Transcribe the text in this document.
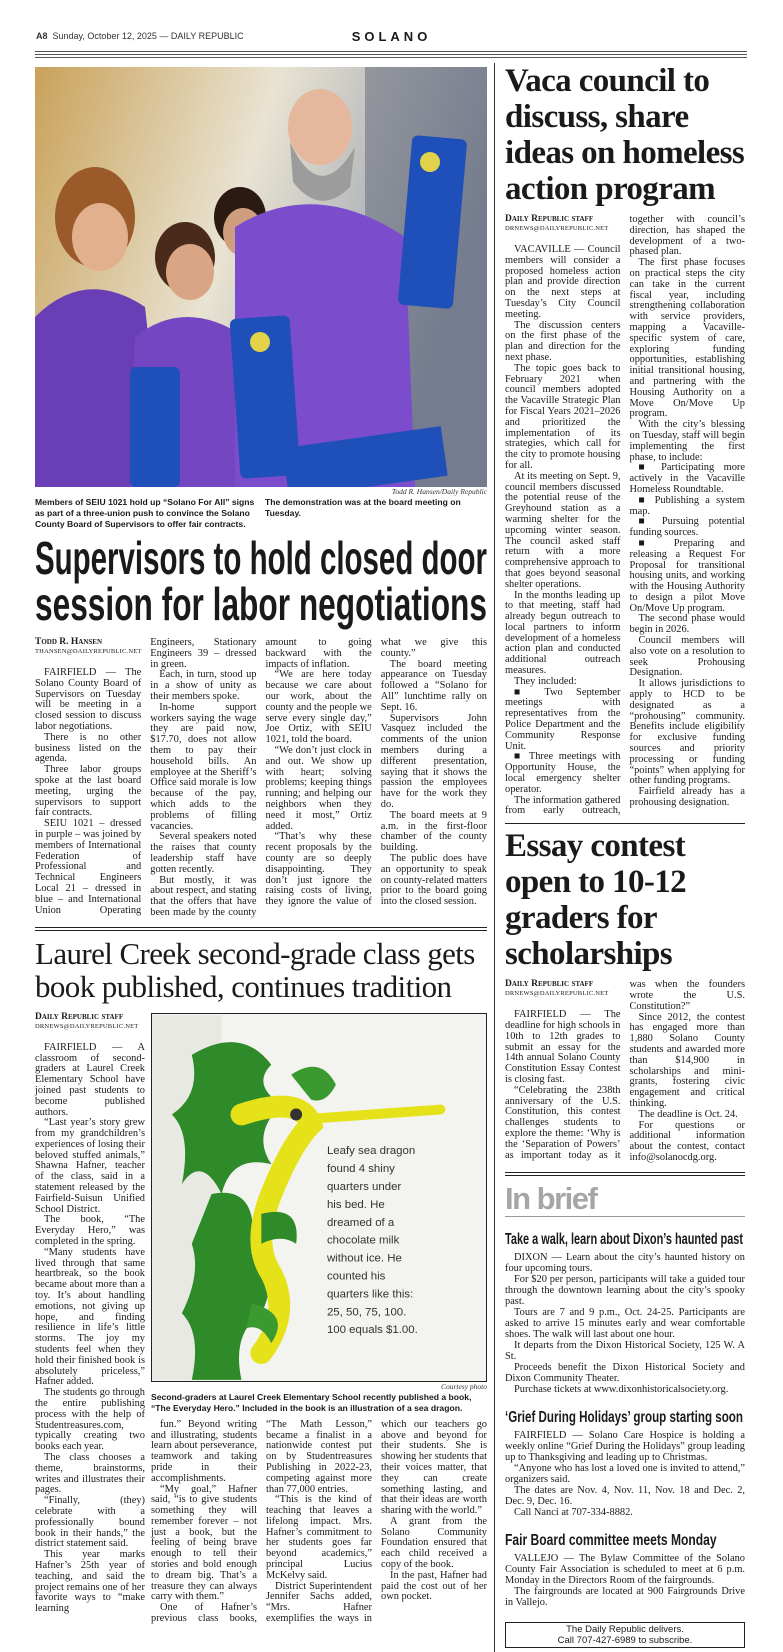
A8 Sunday, October 12, 2025 — DAILY REPUBLIC	SOLANO
Todd R. Hansen/Daily Republic
Members of SEIU 1021 hold up “Solano For All” signs as part of a three-union push to convince the Solano County Board of Supervisors to offer fair contracts. The demonstration was at the board meeting on Tuesday.
Supervisors to hold closed door session for labor negotiations
Todd R. Hansen
THANSEN@DAILYREPUBLIC.NET

FAIRFIELD — The Solano County Board of Supervisors on Tuesday will be meeting in a closed session to discuss labor negotiations.

There is no other business listed on the agenda.

Three labor groups spoke at the last board meeting, urging the supervisors to support fair contracts.

SEIU 1021 – dressed in purple – was joined by members of International Federation of Professional and Technical Engineers Local 21 – dressed in blue – and International Union Operating Engineers, Stationary Engineers 39 – dressed in green.

Each, in turn, stood up in a show of unity as their members spoke.

In-home support workers saying the wage they are paid now, $17.70, does not allow them to pay their household bills. An employee at the Sheriff’s Office said morale is low because of the pay, which adds to the problems of filling vacancies.

Several speakers noted the raises that county leadership staff have gotten recently.

But mostly, it was about respect, and stating that the offers that have been made by the county amount to going backward with the impacts of inflation.

“We are here today because we care about our work, about the county and the people we serve every single day,” Joe Ortiz, with SEIU 1021, told the board.

“We don’t just clock in and out. We show up with heart; solving problems; keeping things running; and helping our neighbors when they need it most,” Ortiz added.

“That’s why these recent proposals by the county are so deeply disappointing. They don’t just ignore the raising costs of living, they ignore the value of what we give this county.”

The board meeting appearance on Tuesday followed a “Solano for All” lunchtime rally on Sept. 16.

Supervisors John Vasquez included the comments of the union members during a different presentation, saying that it shows the passion the employees have for the work they do.

The board meets at 9 a.m. in the first-floor chamber of the county building.

The public does have an opportunity to speak on county-related matters prior to the board going into the closed session.

Laurel Creek second-grade class gets book published, continues tradition
Daily Republic staff
DRNEWS@DAILYREPUBLIC.NET

FAIRFIELD — A classroom of second-graders at Laurel Creek Elementary School have joined past students to become published authors.

“Last year’s story grew from my grandchildren’s experiences of losing their beloved stuffed animals,” Shawna Hafner, teacher of the class, said in a statement released by the Fairfield-Suisun Unified School District.

The book, “The Everyday Hero,” was completed in the spring.

“Many students have lived through that same heartbreak, so the book became about more than a toy. It’s about handling emotions, not giving up hope, and finding resilience in life’s little storms. The joy my students feel when they hold their finished book is absolutely priceless,” Hafner added.

The students go through the entire publishing process with the help of Studentreasures.com, typically creating two books each year.

The class chooses a theme, brainstorms, writes and illustrates their pages.

“Finally, (they) celebrate with a professionally bound book in their hands,” the district statement said.

This year marks Hafner’s 25th year of teaching, and said the project remains one of her favorite ways to “make learning

Leafy sea dragon found 4 shiny quarters under his bed. He dreamed of a chocolate milk without ice. He counted his quarters like this: 25, 50, 75, 100. 100 equals $1.00.
Courtesy photo
Second-graders at Laurel Creek Elementary School recently published a book, “The Everyday Hero.” Included in the book is an illustration of a sea dragon.

fun.” Beyond writing and illustrating, students learn about perseverance, teamwork and taking pride in their accomplishments.

“My goal,” Hafner said, “is to give students something they will remember forever – not just a book, but the feeling of being brave enough to tell their stories and bold enough to dream big. That’s a treasure they can always carry with them.”

One of Hafner’s previous class books, “The Math Lesson,” became a finalist in a nationwide contest put on by Studentreasures Publishing in 2022-23, competing against more than 77,000 entries.

“This is the kind of teaching that leaves a lifelong impact. Mrs. Hafner’s commitment to her students goes far beyond academics,” principal Lucius McKelvy said.

District Superintendent Jennifer Sachs added, “Mrs. Hafner exemplifies the ways in which our teachers go above and beyond for their students. She is showing her students that their voices matter, that they can create something lasting, and that their ideas are worth sharing with the world.”

A grant from the Solano Community Foundation ensured that each child received a copy of the book.

In the past, Hafner had paid the cost out of her own pocket.

Vaca council to discuss, share ideas on homeless action program
Daily Republic staff
DRNEWS@DAILYREPUBLIC.NET

VACAVILLE — Council members will consider a proposed homeless action plan and provide direction on the next steps at Tuesday’s City Council meeting.

The discussion centers on the first phase of the plan and direction for the next phase.

The topic goes back to February 2021 when council members adopted the Vacaville Strategic Plan for Fiscal Years 2021–2026 and prioritized the implementation of its strategies, which call for the city to promote housing for all.

At its meeting on Sept. 9, council members discussed the potential reuse of the Greyhound station as a warming shelter for the upcoming winter season. The council asked staff return with a more comprehensive approach to that goes beyond seasonal shelter operations.

In the months leading up to that meeting, staff had already begun outreach to local partners to inform development of a homeless action plan and conducted additional outreach measures.

They included:

■ Two September meetings with representatives from the Police Department and the Community Response Unit.

■ Three meetings with Opportunity House, the local emergency shelter operator.

The information gathered from early outreach, together with council’s direction, has shaped the development of a two-phased plan.

The first phase focuses on practical steps the city can take in the current fiscal year, including strengthening collaboration with service providers, mapping a Vacaville-specific system of care, exploring funding opportunities, establishing initial transitional housing, and partnering with the Housing Authority on a Move On/Move Up program.

With the city’s blessing on Tuesday, staff will begin implementing the first phase, to include:

■ Participating more actively in the Vacaville Homeless Roundtable.

■ Publishing a system map.

■ Pursuing potential funding sources.

■ Preparing and releasing a Request For Proposal for transitional housing units, and working with the Housing Authority to design a pilot Move On/Move Up program.

The second phase would begin in 2026.

Council members will also vote on a resolution to seek Prohousing Designation.

It allows jurisdictions to apply to HCD to be designated as a “prohousing” community. Benefits include eligibility for exclusive funding sources and priority processing or funding “points” when applying for other funding programs.

Fairfield already has a prohousing designation.

Essay contest open to 10-12 graders for scholarships
Daily Republic staff
DRNEWS@DAILYREPUBLIC.NET

FAIRFIELD — The deadline for high schools in 10th to 12th grades to submit an essay for the 14th annual Solano County Constitution Essay Contest is closing fast.

“Celebrating the 238th anniversary of the U.S. Constitution, this contest challenges students to explore the theme: ‘Why is the ‘Separation of Powers’ as important today as it was when the founders wrote the U.S. Constitution?”

Since 2012, the contest has engaged more than 1,880 Solano County students and awarded more than $14,900 in scholarships and mini-grants, fostering civic engagement and critical thinking.

The deadline is Oct. 24.

For questions or additional information about the contest, contact info@solanocdg.org.

In brief
Take a walk, learn about Dixon’s haunted past

DIXON — Learn about the city’s haunted history on four upcoming tours.

For $20 per person, participants will take a guided tour through the downtown learning about the city’s spooky past.

Tours are 7 and 9 p.m., Oct. 24-25. Participants are asked to arrive 15 minutes early and wear comfortable shoes. The walk will last about one hour.

It departs from the Dixon Historical Society, 125 W. A St.

Proceeds benefit the Dixon Historical Society and Dixon Community Theater.

Purchase tickets at www.dixonhistoricalsociety.org.

‘Grief During Holidays’ group starting soon

FAIRFIELD — Solano Care Hospice is holding a weekly online “Grief During the Holidays” group leading up to Thanksgiving and leading up to Christmas.

“Anyone who has lost a loved one is invited to attend,” organizers said.

The dates are Nov. 4, Nov. 11, Nov. 18 and Dec. 2, Dec. 9, Dec. 16.

Call Nanci at 707-334-8882.

Fair Board committee meets Monday

VALLEJO — The Bylaw Committee of the Solano County Fair Association is scheduled to meet at 6 p.m. Monday in the Directors Room of the fairgrounds.

The fairgrounds are located at 900 Fairgrounds Drive in Vallejo.

The Daily Republic delivers.
Call 707-427-6989 to subscribe.
